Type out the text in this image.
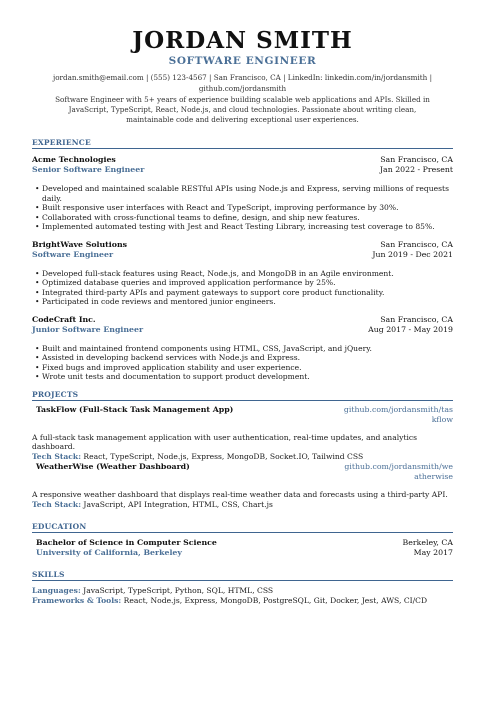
JORDAN SMITH
SOFTWARE ENGINEER
jordan.smith@email.com | (555) 123-4567 | San Francisco, CA | LinkedIn: linkedin.com/in/jordansmith | github.com/jordansmith
Software Engineer with 5+ years of experience building scalable web applications and APIs. Skilled in JavaScript, TypeScript, React, Node.js, and cloud technologies. Passionate about writing clean, maintainable code and delivering exceptional user experiences.
EXPERIENCE
Acme Technologies
Senior Software Engineer
San Francisco, CA
Jan 2022 - Present
• Developed and maintained scalable RESTful APIs using Node.js and Express, serving millions of requests daily.
• Built responsive user interfaces with React and TypeScript, improving performance by 30%.
• Collaborated with cross-functional teams to define, design, and ship new features.
• Implemented automated testing with Jest and React Testing Library, increasing test coverage to 85%.
BrightWave Solutions
Software Engineer
San Francisco, CA
Jun 2019 - Dec 2021
• Developed full-stack features using React, Node.js, and MongoDB in an Agile environment.
• Optimized database queries and improved application performance by 25%.
• Integrated third-party APIs and payment gateways to support core product functionality.
• Participated in code reviews and mentored junior engineers.
CodeCraft Inc.
Junior Software Engineer
San Francisco, CA
Aug 2017 - May 2019
• Built and maintained frontend components using HTML, CSS, JavaScript, and jQuery.
• Assisted in developing backend services with Node.js and Express.
• Fixed bugs and improved application stability and user experience.
• Wrote unit tests and documentation to support product development.
PROJECTS
TaskFlow (Full-Stack Task Management App)	github.com/jordansmith/taskflow
A full-stack task management application with user authentication, real-time updates, and analytics dashboard.
Tech Stack: React, TypeScript, Node.js, Express, MongoDB, Socket.IO, Tailwind CSS
WeatherWise (Weather Dashboard)	github.com/jordansmith/weatherwise
A responsive weather dashboard that displays real-time weather data and forecasts using a third-party API.
Tech Stack: JavaScript, API Integration, HTML, CSS, Chart.js
EDUCATION
Bachelor of Science in Computer Science
University of California, Berkeley
Berkeley, CA
May 2017
SKILLS
Languages: JavaScript, TypeScript, Python, SQL, HTML, CSS
Frameworks & Tools: React, Node.js, Express, MongoDB, PostgreSQL, Git, Docker, Jest, AWS, CI/CD
